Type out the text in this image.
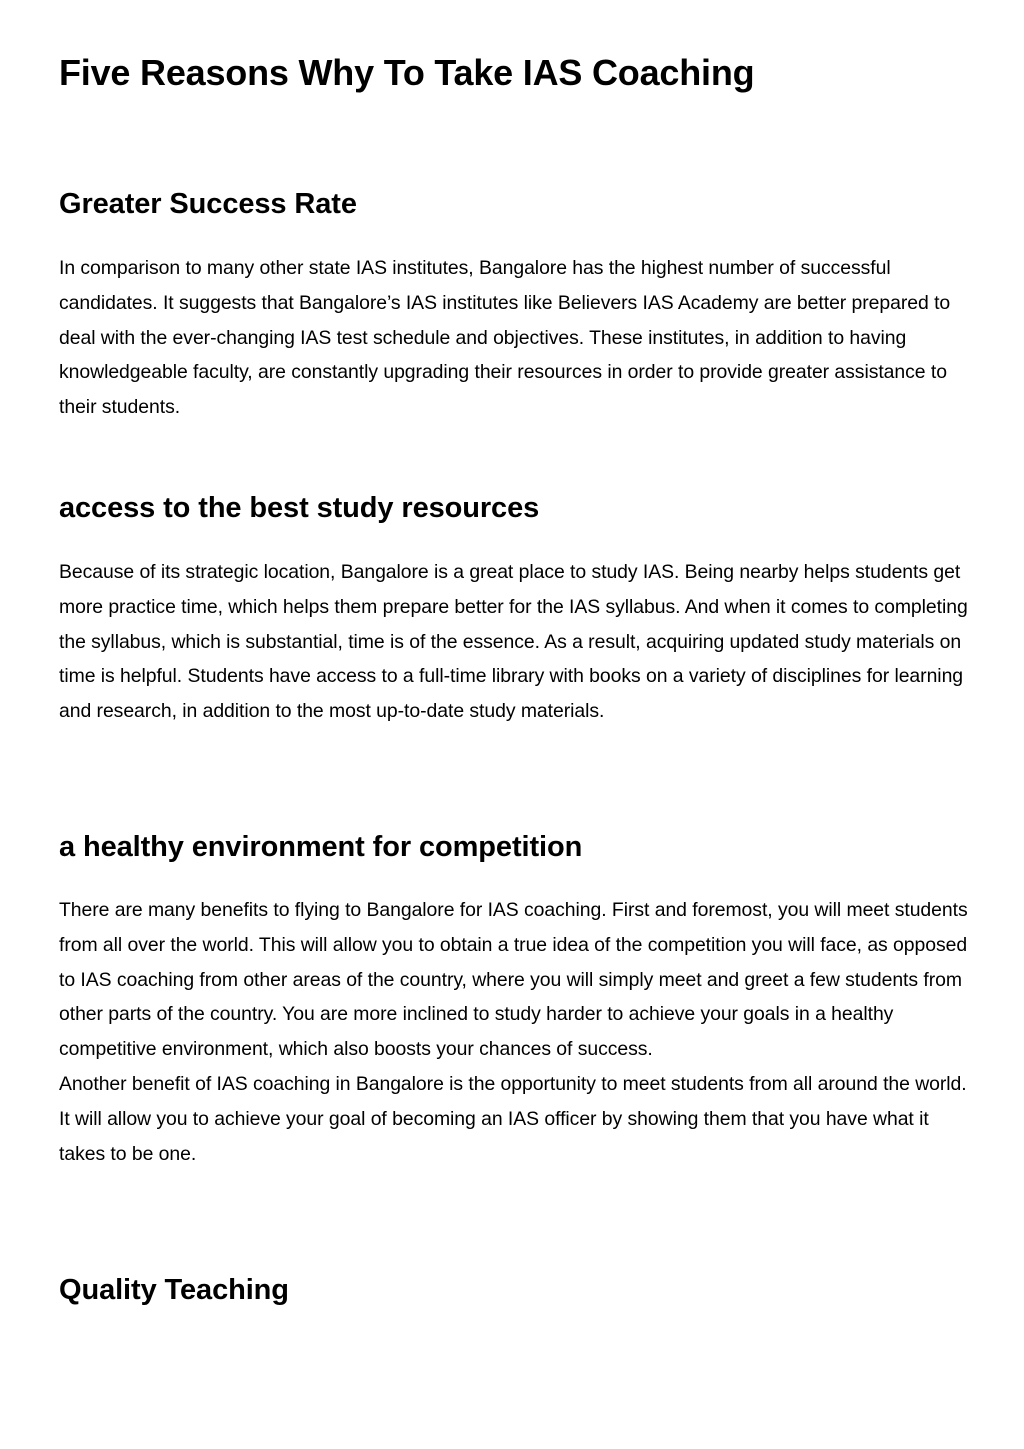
Five Reasons Why To Take IAS Coaching
Greater Success Rate

In comparison to many other state IAS institutes, Bangalore has the highest number of successful candidates. It suggests that Bangalore’s IAS institutes like Believers IAS Academy are better prepared to deal with the ever-changing IAS test schedule and objectives. These institutes, in addition to having knowledgeable faculty, are constantly upgrading their resources in order to provide greater assistance to their students.

access to the best study resources

Because of its strategic location, Bangalore is a great place to study IAS. Being nearby helps students get more practice time, which helps them prepare better for the IAS syllabus. And when it comes to completing the syllabus, which is substantial, time is of the essence. As a result, acquiring updated study materials on time is helpful. Students have access to a full-time library with books on a variety of disciplines for learning and research, in addition to the most up-to-date study materials.

a healthy environment for competition

There are many benefits to flying to Bangalore for IAS coaching. First and foremost, you will meet students from all over the world. This will allow you to obtain a true idea of the competition you will face, as opposed to IAS coaching from other areas of the country, where you will simply meet and greet a few students from other parts of the country. You are more inclined to study harder to achieve your goals in a healthy competitive environment, which also boosts your chances of success.
Another benefit of IAS coaching in Bangalore is the opportunity to meet students from all around the world. It will allow you to achieve your goal of becoming an IAS officer by showing them that you have what it takes to be one.

Quality Teaching
